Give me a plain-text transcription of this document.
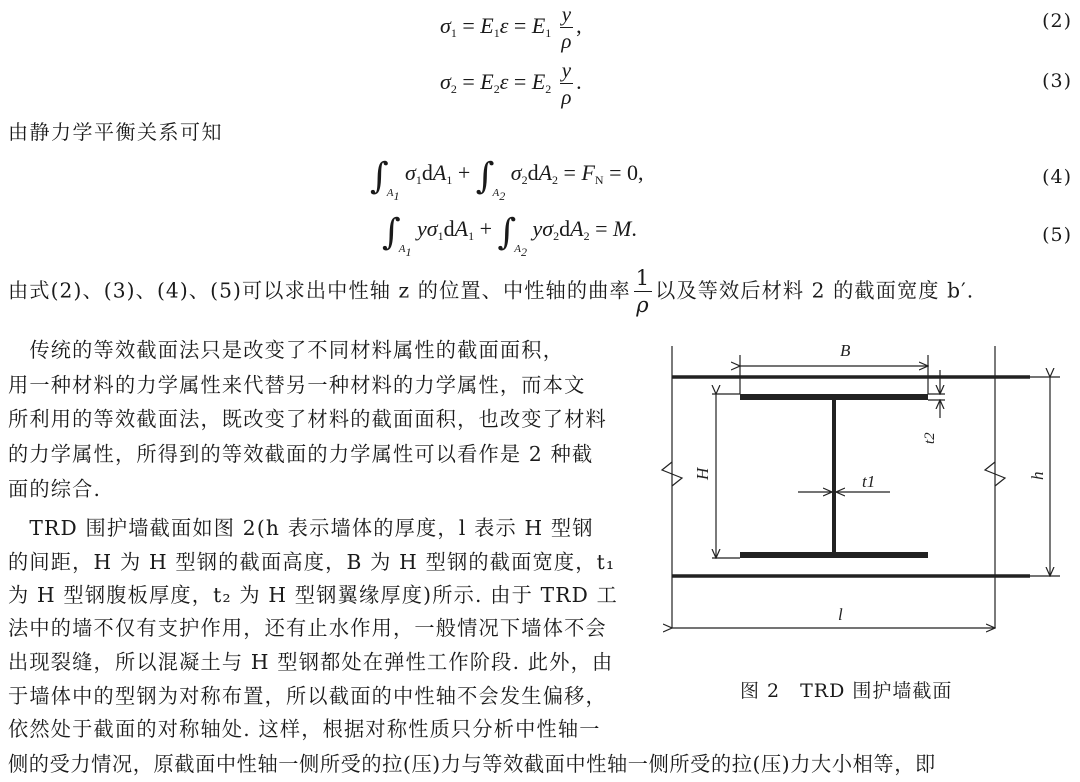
$\sigma_1 = E_1\varepsilon = E_1 \frac{y}{\rho}$ ,	(2)
$\sigma_2 = E_2\varepsilon = E_2 \frac{y}{\rho}$ .	(3)
由静力学平衡关系可知
$\int_{A_1}$ $\sigma_1dA_1 + \int_{A_2}$ $\sigma_2dA_2 = F_N = 0$,	(4)
$\int_{A_1}$ $y\sigma_1dA_1 + \int_{A_2}$ $y\sigma_2dA_2 = M$.	(5)
由式(2)、(3)、(4)、(5)可以求出中性轴 z 的位置、中性轴的曲率 $\frac{1}{\rho}$ 以及等效后材料 2 的截面宽度 b′.
　传统的等效截面法只是改变了不同材料属性的截面面积，
用一种材料的力学属性来代替另一种材料的力学属性，而本文
所利用的等效截面法，既改变了材料的截面面积，也改变了材料
的力学属性，所得到的等效截面的力学属性可以看作是 2 种截
面的综合.
　TRD 围护墙截面如图 2(h 表示墙体的厚度，l 表示 H 型钢
的间距，H 为 H 型钢的截面高度，B 为 H 型钢的截面宽度，t₁
为 H 型钢腹板厚度，t₂ 为 H 型钢翼缘厚度)所示. 由于 TRD 工
法中的墙不仅有支护作用，还有止水作用，一般情况下墙体不会
出现裂缝，所以混凝土与 H 型钢都处在弹性工作阶段. 此外，由
于墙体中的型钢为对称布置，所以截面的中性轴不会发生偏移，
依然处于截面的对称轴处. 这样，根据对称性质只分析中性轴一
侧的受力情况，原截面中性轴一侧所受的拉(压)力与等效截面中性轴一侧所受的拉(压)力大小相等，即
B
t1
l
H	h
t2
图 2　TRD 围护墙截面
